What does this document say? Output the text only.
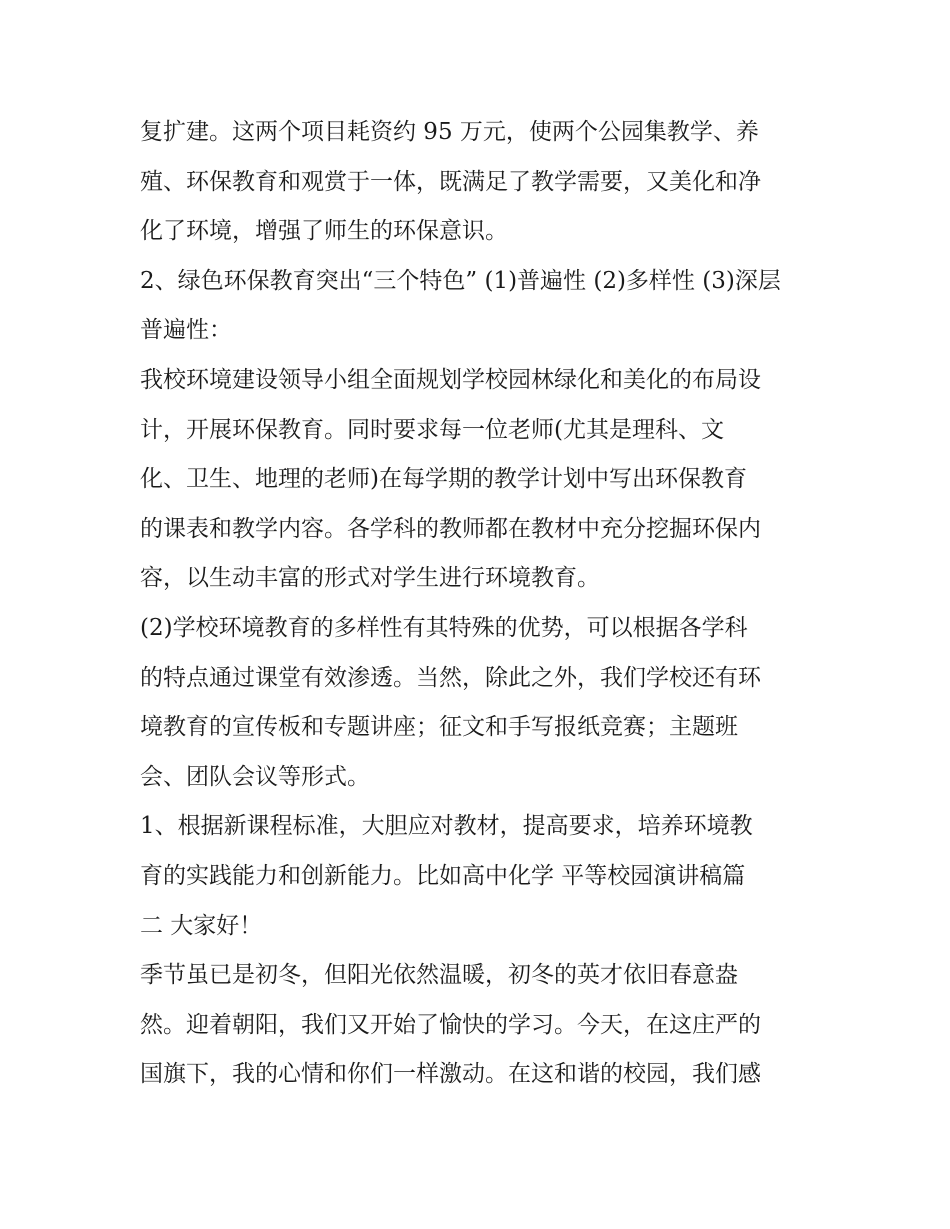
复扩建。这两个项目耗资约 95 万元，使两个公园集教学、养
殖、环保教育和观赏于一体，既满足了教学需要，又美化和净
化了环境，增强了师生的环保意识。
2、绿色环保教育突出“三个特色” (1)普遍性 (2)多样性 (3)深层
普遍性：
我校环境建设领导小组全面规划学校园林绿化和美化的布局设
计，开展环保教育。同时要求每一位老师(尤其是理科、文
化、卫生、地理的老师)在每学期的教学计划中写出环保教育
的课表和教学内容。各学科的教师都在教材中充分挖掘环保内
容，以生动丰富的形式对学生进行环境教育。
(2)学校环境教育的多样性有其特殊的优势，可以根据各学科
的特点通过课堂有效渗透。当然，除此之外，我们学校还有环
境教育的宣传板和专题讲座；征文和手写报纸竞赛；主题班
会、团队会议等形式。
1、根据新课程标准，大胆应对教材，提高要求，培养环境教
育的实践能力和创新能力。比如高中化学 平等校园演讲稿篇
二 大家好！
季节虽已是初冬，但阳光依然温暖，初冬的英才依旧春意盎
然。迎着朝阳，我们又开始了愉快的学习。今天，在这庄严的
国旗下，我的心情和你们一样激动。在这和谐的校园，我们感
